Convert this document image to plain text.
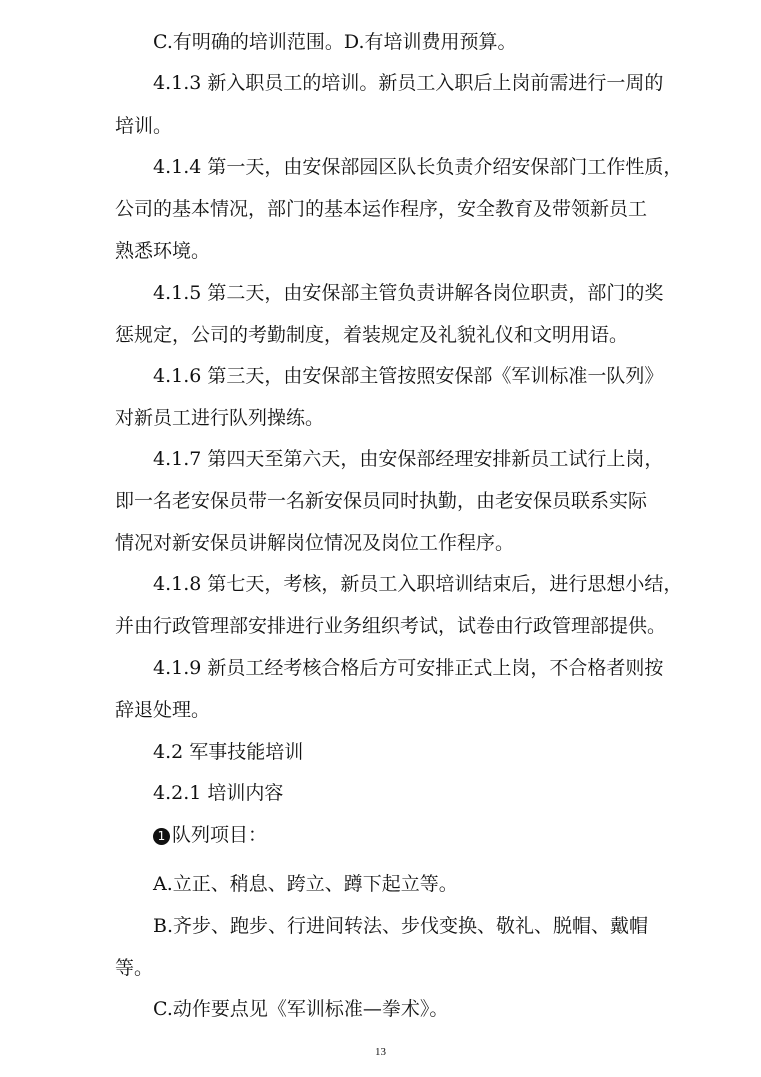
C.有明确的培训范围。D.有培训费用预算。
4.1.3 新入职员工的培训。新员工入职后上岗前需进行一周的
培训。
4.1.4 第一天，由安保部园区队长负责介绍安保部门工作性质，
公司的基本情况，部门的基本运作程序，安全教育及带领新员工
熟悉环境。
4.1.5 第二天，由安保部主管负责讲解各岗位职责，部门的奖
惩规定，公司的考勤制度，着装规定及礼貌礼仪和文明用语。
4.1.6 第三天，由安保部主管按照安保部《军训标准一队列》
对新员工进行队列操练。
4.1.7 第四天至第六天，由安保部经理安排新员工试行上岗，
即一名老安保员带一名新安保员同时执勤，由老安保员联系实际
情况对新安保员讲解岗位情况及岗位工作程序。
4.1.8 第七天，考核，新员工入职培训结束后，进行思想小结，
并由行政管理部安排进行业务组织考试，试卷由行政管理部提供。
4.1.9 新员工经考核合格后方可安排正式上岗，不合格者则按
辞退处理。
4.2 军事技能培训
4.2.1 培训内容
1 队列项目：
A.立正、稍息、跨立、蹲下起立等。
B.齐步、跑步、行进间转法、步伐变换、敬礼、脱帽、戴帽
等。
C.动作要点见《军训标准—拳术》。
13
